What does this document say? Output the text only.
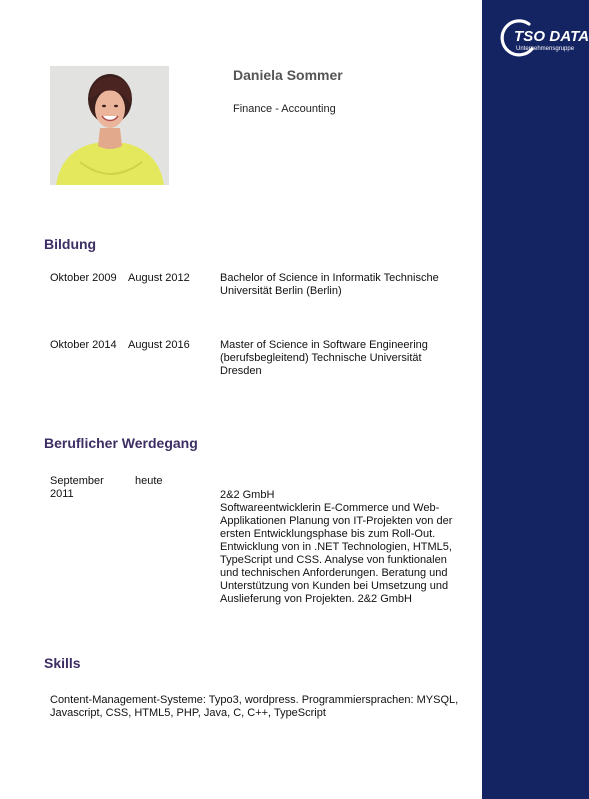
TSO DATA
Unternehmensgruppe
Daniela Sommer
Finance - Accounting
Bildung
Oktober 2009 August 2012	Bachelor of Science in Informatik Technische Universität Berlin (Berlin)
Oktober 2014 August 2016	Master of Science in Software Engineering (berufsbegleitend) Technische Universität Dresden
Beruflicher Werdegang
September 2011
heute
2&2 GmbH
Softwareentwicklerin E-Commerce und Web-Applikationen Planung von IT-Projekten von der ersten Entwicklungsphase bis zum Roll-Out. Entwicklung von in .NET Technologien, HTML5, TypeScript und CSS. Analyse von funktionalen und technischen Anforderungen. Beratung und Unterstützung von Kunden bei Umsetzung und Auslieferung von Projekten. 2&2 GmbH
Skills
Content-Management-Systeme: Typo3, wordpress. Programmiersprachen: MYSQL, Javascript, CSS, HTML5, PHP, Java, C, C++, TypeScript
